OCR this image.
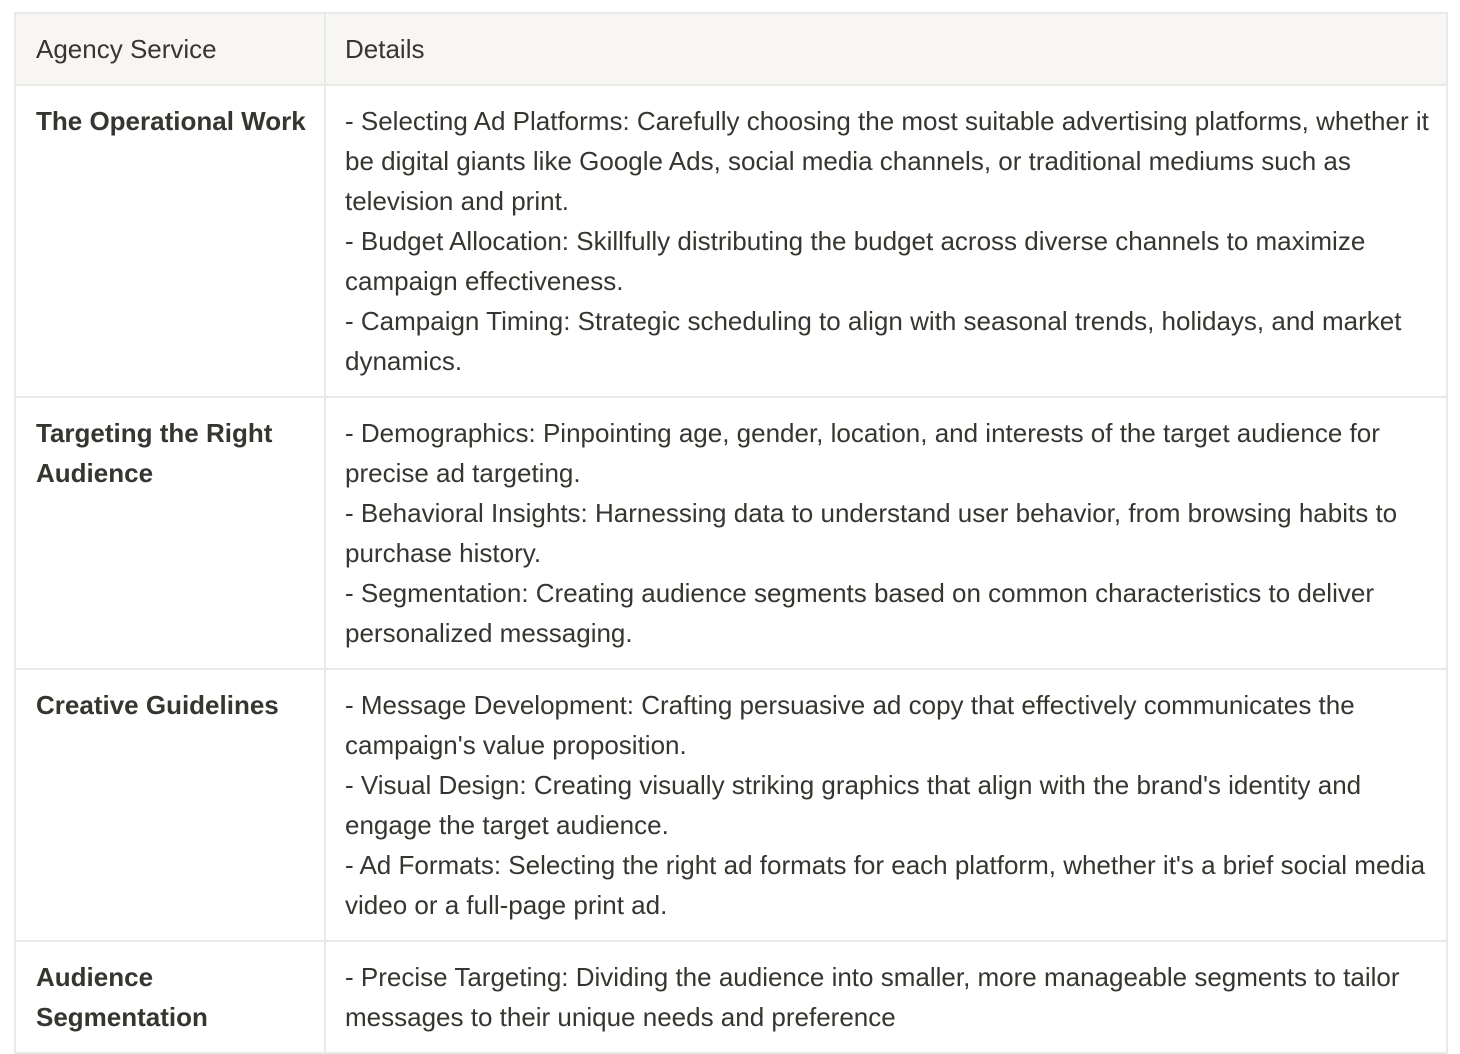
Agency Service	Details
The Operational Work	- Selecting Ad Platforms: Carefully choosing the most suitable advertising platforms, whether it be digital giants like Google Ads, social media channels, or traditional mediums such as television and print.
- Budget Allocation: Skillfully distributing the budget across diverse channels to maximize campaign effectiveness.
- Campaign Timing: Strategic scheduling to align with seasonal trends, holidays, and market dynamics.

Targeting the Right Audience	- Demographics: Pinpointing age, gender, location, and interests of the target audience for precise ad targeting.
- Behavioral Insights: Harnessing data to understand user behavior, from browsing habits to purchase history.
- Segmentation: Creating audience segments based on common characteristics to deliver personalized messaging.

Creative Guidelines	- Message Development: Crafting persuasive ad copy that effectively communicates the campaign's value proposition.
- Visual Design: Creating visually striking graphics that align with the brand's identity and engage the target audience.
- Ad Formats: Selecting the right ad formats for each platform, whether it's a brief social media video or a full-page print ad.

Audience Segmentation	- Precise Targeting: Dividing the audience into smaller, more manageable segments to tailor messages to their unique needs and preference
